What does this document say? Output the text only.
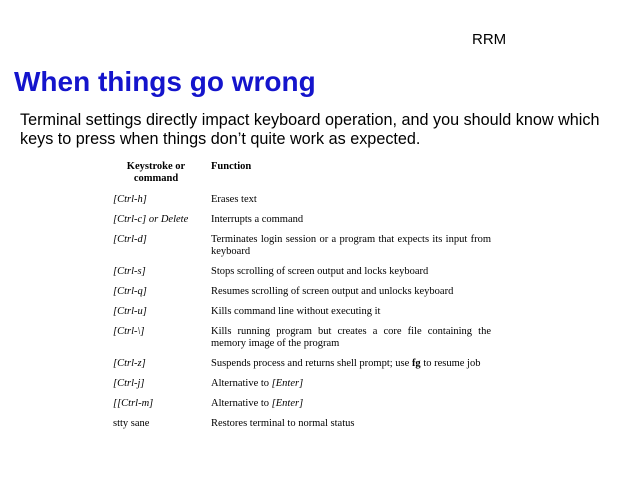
RRM
When things go wrong

Terminal settings directly impact keyboard operation, and you should know which keys to press when things don’t quite work as expected.

Keystroke or command	Function
[Ctrl-h]	Erases text
[Ctrl-c] or Delete	Interrupts a command
[Ctrl-d]	Terminates login session or a program that expects its input from keyboard
[Ctrl-s]	Stops scrolling of screen output and locks keyboard
[Ctrl-q]	Resumes scrolling of screen output and unlocks keyboard
[Ctrl-u]	Kills command line without executing it
[Ctrl-\]	Kills running program but creates a core file containing the memory image of the program
[Ctrl-z]	Suspends process and returns shell prompt; use fg to resume job
[Ctrl-j]	Alternative to [Enter]
[[Ctrl-m]	Alternative to [Enter]
stty sane	Restores terminal to normal status
